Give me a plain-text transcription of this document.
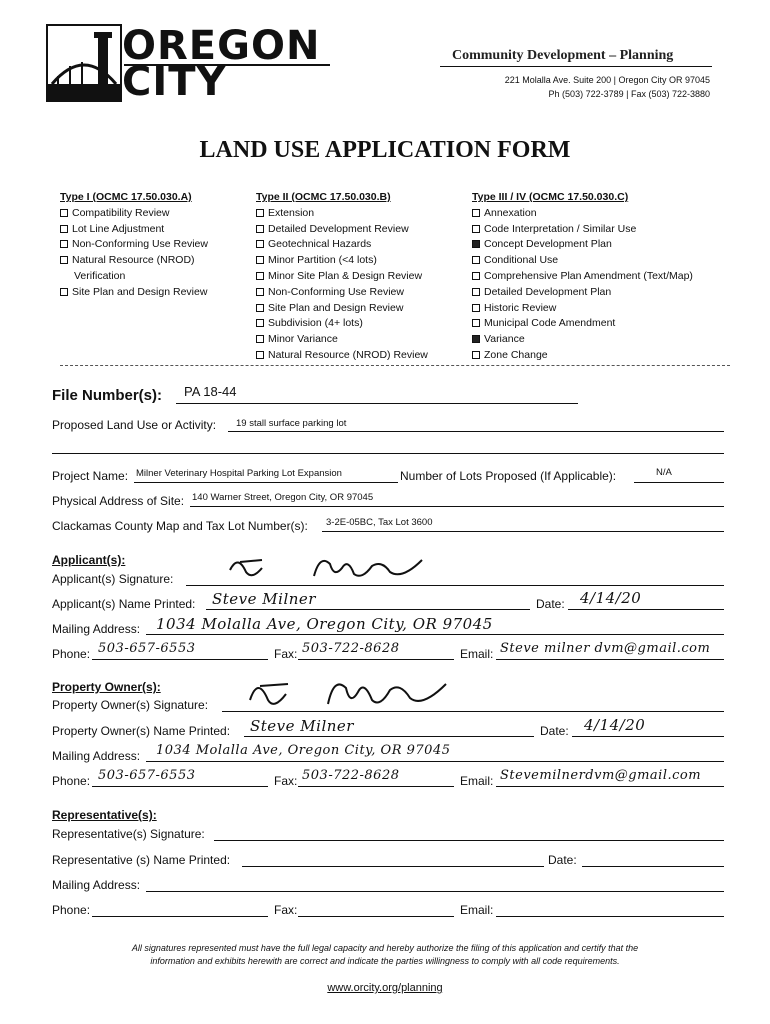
OREGON
CITY
Community Development – Planning
221 Molalla Ave. Suite 200 | Oregon City OR 97045
Ph (503) 722-3789 | Fax (503) 722-3880
LAND USE APPLICATION FORM
Type I (OCMC 17.50.030.A)
Compatibility Review
Lot Line Adjustment
Non-Conforming Use Review
Natural Resource (NROD)
Verification
Site Plan and Design Review
Type II (OCMC 17.50.030.B)
Extension
Detailed Development Review
Geotechnical Hazards
Minor Partition (<4 lots)
Minor Site Plan & Design Review
Non-Conforming Use Review
Site Plan and Design Review
Subdivision (4+ lots)
Minor Variance
Natural Resource (NROD) Review
Type III / IV (OCMC 17.50.030.C)
Annexation
Code Interpretation / Similar Use
Concept Development Plan
Conditional Use
Comprehensive Plan Amendment (Text/Map)
Detailed Development Plan
Historic Review
Municipal Code Amendment
Variance
Zone Change
File Number(s): PA 18-44
Proposed Land Use or Activity: 19 stall surface parking lot
Project Name: Milner Veterinary Hospital Parking Lot Expansion	Number of Lots Proposed (If Applicable):	N/A
Physical Address of Site: 140 Warner Street, Oregon City, OR 97045
Clackamas County Map and Tax Lot Number(s): 3-2E-05BC, Tax Lot 3600
Applicant(s):
Applicant(s) Signature:
Applicant(s) Name Printed: Steve Milner	Date: 4/14/20
Mailing Address: 1034 Molalla Ave, Oregon City, OR 97045
Phone: 503-657-6553	Fax: 503-722-8628	Email: Steve milner dvm@gmail.com
Property Owner(s):
Property Owner(s) Signature:
Property Owner(s) Name Printed: Steve Milner	Date: 4/14/20
Mailing Address: 1034 Molalla Ave, Oregon City, OR 97045
Phone: 503-657-6553	Fax: 503-722-8628	Email: Stevemilnerdvm@gmail.com
Representative(s):
Representative(s) Signature:
Representative (s) Name Printed:	Date:
Mailing Address:
Phone:	Fax:	Email:
All signatures represented must have the full legal capacity and hereby authorize the filing of this application and certify that the
information and exhibits herewith are correct and indicate the parties willingness to comply with all code requirements.
www.orcity.org/planning
